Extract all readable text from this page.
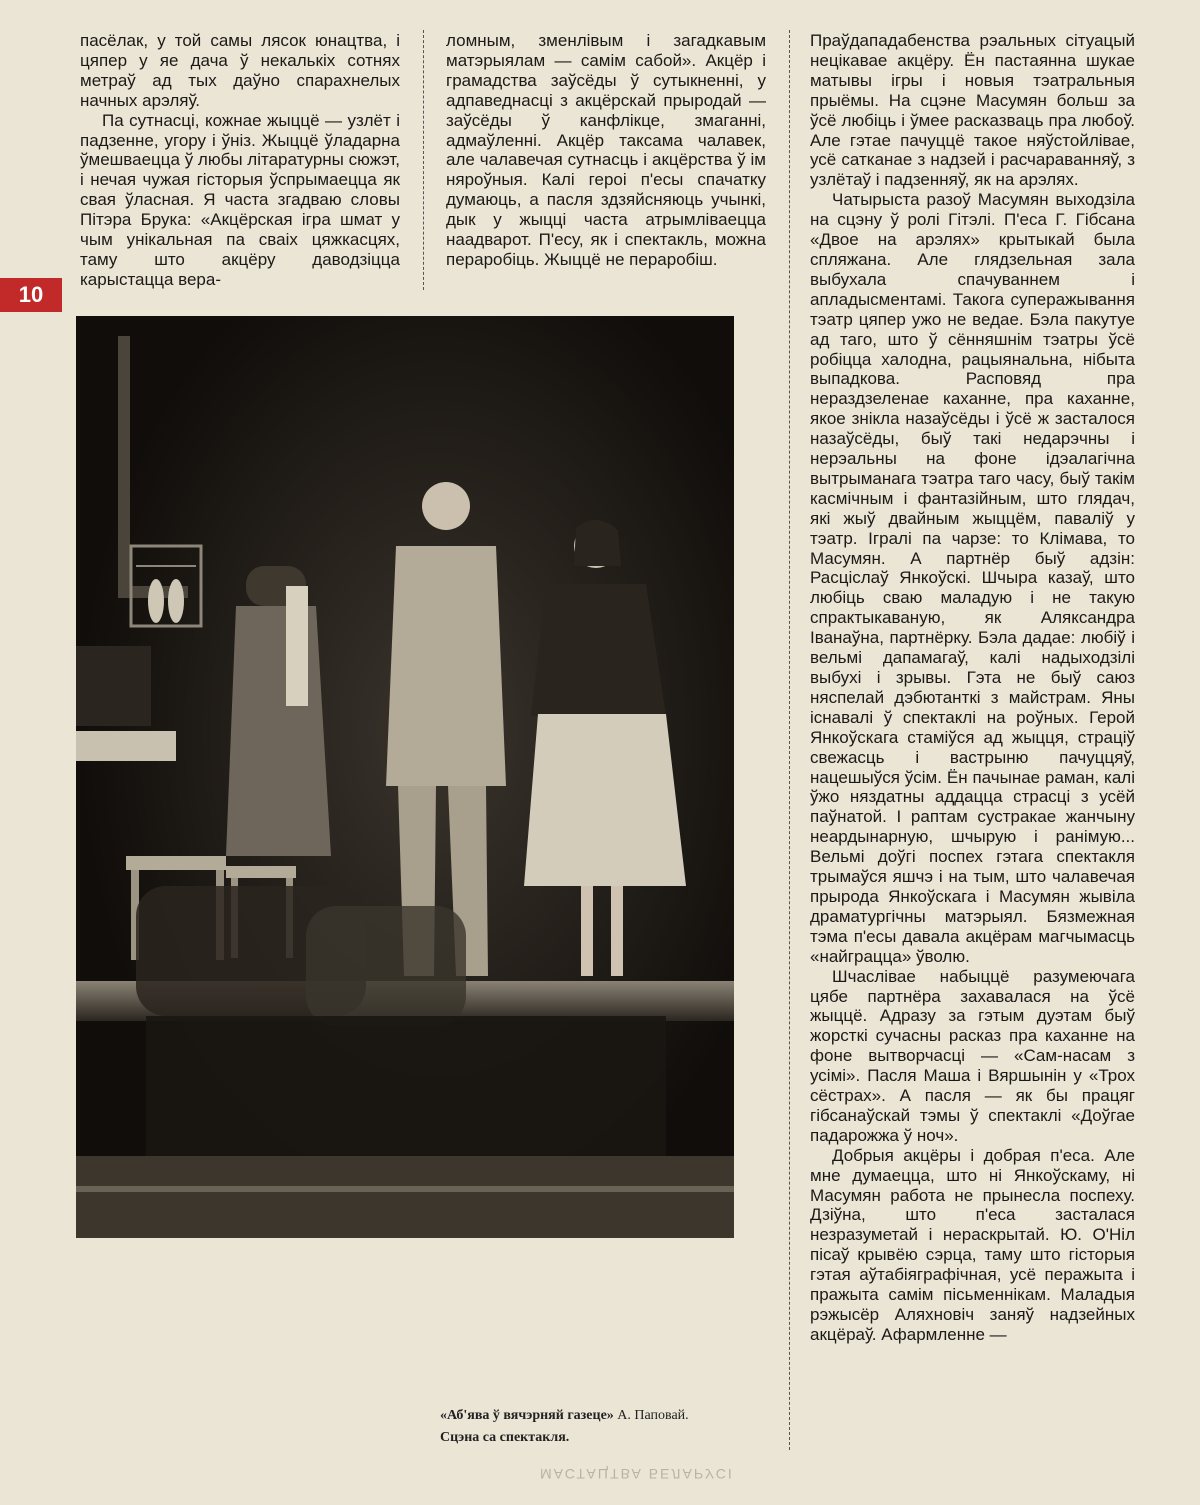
пасёлак, у той самы лясок юнацтва, і цяпер у яе дача ў некалькіх сотнях метраў ад тых даўно спарахнелых начных арэляў.

Па сутнасці, кожнае жыццё — узлёт і падзенне, угору і ўніз. Жыццё ўладарна ўмешваецца ў любы літаратурны сюжэт, і нечая чужая гісторыя ўспрымаецца як свая ўласная. Я часта згадваю словы Пітэра Брука: «Акцёрская ігра шмат у чым унікальная па сваіх цяжкасцях, таму што акцёру даводзіцца карыстацца вера-

ломным, зменлівым і загадкавым матэрыялам — самім сабой». Акцёр і грамадства заўсёды ў сутыкненні, у адпаведнасці з акцёрскай прыродай — заўсёды ў канфлікце, змаганні, адмаўленні. Акцёр таксама чалавек, але чалавечая сутнасць і акцёрства ў ім няроўныя. Калі героі п'есы спачатку думаюць, а пасля здзяйсняюць учынкі, дык у жыцці часта атрымліваецца наадварот. П'есу, як і спектакль, можна пераробіць. Жыццё не пераробіш.

Праўдападабенства рэальных сітуацый нецікавае акцёру. Ён пастаянна шукае матывы ігры і новыя тэатральныя прыёмы. На сцэне Масумян больш за ўсё любіць і ўмее расказваць пра любоў. Але гэтае пачуццё такое няўстойлівае, усё сатканае з надзей і расчараванняў, з узлётаў і падзенняў, як на арэлях.

Чатырыста разоў Масумян выходзіла на сцэну ў ролі Гітэлі. П'еса Г. Гібсана «Двое на арэлях» крытыкай была спляжана. Але глядзельная зала выбухала спачуваннем і апладысментамі. Такога суперажывання тэатр цяпер ужо не ведае. Бэла пакутуе ад таго, што ў сённяшнім тэатры ўсё робіцца халодна, рацыянальна, нібыта выпадкова. Расповяд пра нераздзеленае каханне, пра каханне, якое знікла назаўсёды і ўсё ж засталося назаўсёды, быў такі недарэчны і нерэальны на фоне ідэалагічна вытрыманага тэатра таго часу, быў такім касмічным і фантазійным, што глядач, які жыў двайным жыццём, паваліў у тэатр. Ігралі па чарзе: то Клімава, то Масумян. А партнёр быў адзін: Расціслаў Янкоўскі. Шчыра казаў, што любіць сваю маладую і не такую спрактыкаваную, як Аляксандра Іванаўна, партнёрку. Бэла дадае: любіў і вельмі дапамагаў, калі надыходзілі выбухі і зрывы. Гэта не быў саюз няспелай дэбютанткі з майстрам. Яны існавалі ў спектаклі на роўных. Герой Янкоўскага стаміўся ад жыцця, страціў свежасць і вастрыню пачуццяў, нацешыўся ўсім. Ён пачынае раман, калі ўжо няздатны аддацца страсці з усёй паўнатой. І раптам сустракае жанчыну неардынарную, шчырую і ранімую... Вельмі доўгі поспех гэтага спектакля трымаўся яшчэ і на тым, што чалавечая прырода Янкоўскага і Масумян жывіла драматургічны матэрыял. Бязмежная тэма п'есы давала акцёрам магчымасць «найграцца» ўволю.

Шчаслівае набыццё разумеючага цябе партнёра захавалася на ўсё жыццё. Адразу за гэтым дуэтам быў жорсткі сучасны расказ пра каханне на фоне вытворчасці — «Сам-насам з усімі». Пасля Маша і Вяршынін у «Трох сёстрах». А пасля — як бы працяг гібсанаўскай тэмы ў спектаклі «Доўгае падарожжа ў ноч».

Добрыя акцёры і добрая п'еса. Але мне думаецца, што ні Янкоўскаму, ні Масумян работа не прынесла поспеху. Дзіўна, што п'еса засталася незразуметай і нераскрытай. Ю. О'Ніл пісаў крывёю сэрца, таму што гісторыя гэтая аўтабіяграфічная, усё перажыта і пражыта самім пісьменнікам. Маладыя рэжысёр Аляхновіч заняў надзейных акцёраў. Афармленне —

10
«Аб'ява ў вячэрняй газеце» А. Паповай.
Сцэна са спектакля.
МАСТАЦТВА БЕЛАРУСІ
